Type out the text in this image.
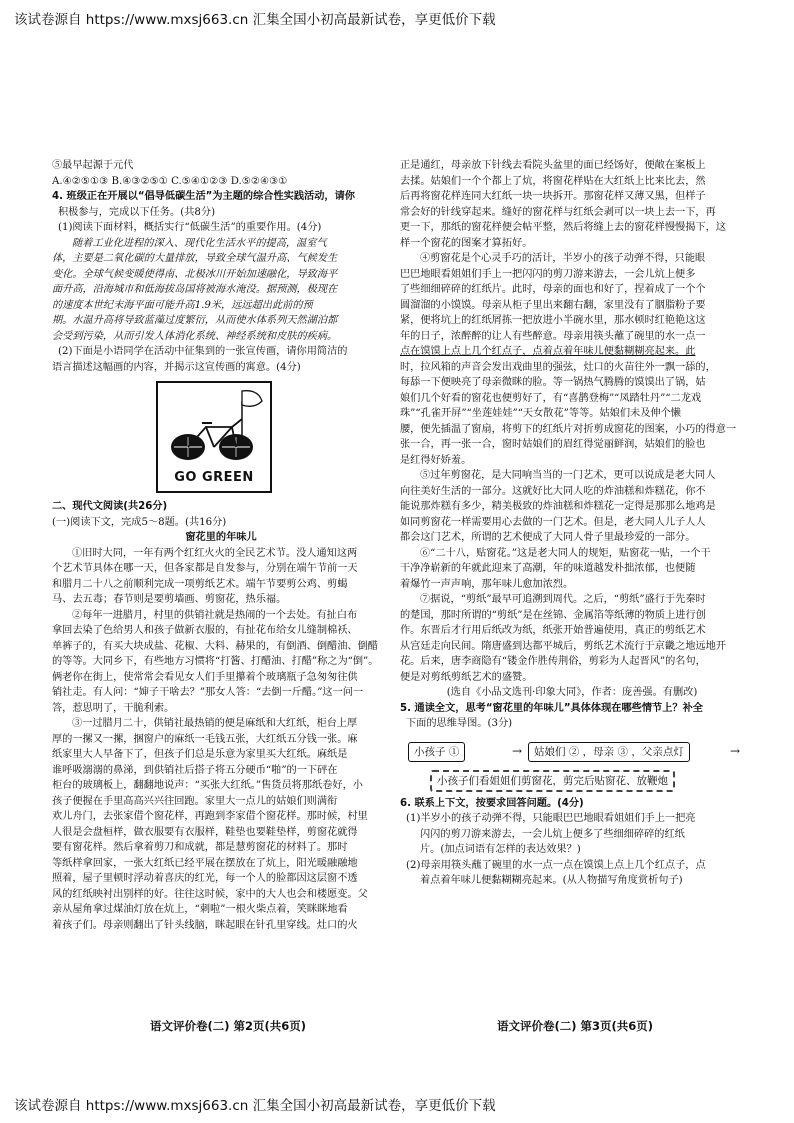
该试卷源自 https://www.mxsj663.cn 汇集全国小初高最新试卷，享更低价下载
⑤最早起源于元代
A.④②⑤①③ B.④③②⑤① C.⑤④①②③ D.⑤②④③①
4. 班级正在开展以“倡导低碳生活”为主题的综合性实践活动，请你
积极参与，完成以下任务。(共8分)
(1)阅读下面材料，概括实行“低碳生活”的重要作用。(4分)
随着工业化进程的深入、现代化生活水平的提高，温室气
体，主要是二氧化碳的大量排放，导致全球气温升高、气候发生
变化。全球气候变暖使得南、北极冰川开始加速融化，导致海平
面升高，沿海城市和低海拔岛国将被海水淹没。据预测，极现在
的速度本世纪末海平面可能升高1.9米，远远超出此前的预
期。水温升高将导致蓝藻过度繁衍，从而使水体系列天然湖泊都
会受到污染，从而引发人体消化系统、神经系统和皮肤的疾病。
(2)下面是小语同学在活动中征集到的一张宣传画，请你用简洁的
语言描述这幅画的内容，并揭示这宣传画的寓意。(4分)
GO GREEN
二、现代文阅读(共26分)
(一)阅读下文，完成5～8题。(共16分)
窗花里的年味儿
①旧时大同，一年有两个红红火火的全民艺术节。没人通知这两
个艺术节具体在哪一天，但各家都是自发参与，分别在端午节前一天
和腊月二十八之前顺利完成一项剪纸艺术。端午节要剪公鸡、剪蝎
马、去五毒；春节则是要剪墙画、剪窗花，热乐福。
②每年一进腊月，村里的供销社就是热闹的一个去处。有扯白布
拿回去染了色给男人和孩子做新衣服的，有扯花布给女儿缝制棉袄、
单裤子的，有买大块成盐、花椒、大料、赫果的，有倒酒、倒醋油、倒醋
的等等。大同乡下，有些地方习惯将“打酱、打醋油、打醋”称之为“倒”。
俩老你在街上，使常常会看见女人们手里攥着个玻璃瓶子急匆匆往供
销社走。有人问：“婶子干啥去？”那女人答：“去倒一斤醋。”这一问一
答，惹思明了，干脆利索。
③一过腊月二十，供销社最热销的便是麻纸和大红纸，柜台上厚
厚的一摞又一摞，捆窗户的麻纸一毛钱五张，大红纸五分钱一张。麻
纸家里大人早备下了，但孩子们总是乐意为家里买大红纸。麻纸是
谁呼吸溺溺的鼻涕，到供销社后搭子将五分硬币“啪”的一下砰在
柜台的玻璃板上，翻翻地说声：“买张大红纸。”售货员将那纸卷好，小
孩子便握在手里高高兴兴往回跑。家里大一点儿的姑娘们则满衔
欢儿舟门，去张家借个窗花样，再跑到李家借个窗花样。那时候，村里
人很是会盘桓样，做衣服要有衣服样，鞋垫也要鞋垫样，剪窗花就得
要有窗花样。然后拿着剪刀和成就，都是慧剪窗花的材料了。那时
等纸样拿回家，一张大红纸已经平展在摆放在了炕上，阳光暖融融地
照着，屋子里顿时浮动着喜庆的红光，每一个人的脸都因这层窗不透
风的红纸映衬出别样的好。往往这时候，家中的大人也会和楼愿变。父
亲从屋角拿过煤油灯放在炕上，“刺啦”一根火柴点着，笑眯眯地看
着孩子们。母亲则翻出了针头线脑，眯起眼在针孔里穿线。灶口的火
正是通红，母亲放下针线去看院头盆里的面已经饧好，便敞在案板上
去揉。姑娘们一个个都上了炕，将窗花样贴在大红纸上比来比去，然
后再将窗花样连同大红纸一块一块拆开。那窗花样又薄又黑，但样子
常会好的针线穿起来。缝好的窗花样与红纸会剥可以一块上去一下，再
更一下，那纸的窗花样便会帖平整，然后将缝上去的窗花样慢慢揭下，这
样一个窗花的图案才算拓好。
④剪窗花是个心灵手巧的活计，半岁小的孩子动弹不得，只能眼
巴巴地眼看姐姐们手上一把闪闪的剪刀游来游去，一会儿炕上便多
了些细细碎碎的红纸片。此时，母亲的面也和好了，捏着成了一个个
圆溜溜的小馍馍。母亲从柜子里出来翻右翻，家里没有了胭脂粉子要
紧，便将坑上的红纸屑拣一把放进小半碗水里，那水顿时红艳艳这这
年的日子，浓醉醉的让人有些醉意。母亲用筷头蘸了碗里的水一点一
点在馍馍上点上几个红点子，点着点着年味儿便黏糊糊亮起来。此
时，拉风箱的声音会发出戏曲里的强弦，灶口的火苗往外一飘一舔的，
每舔一下便映亮了母亲微眯的脸。等一锅热气腾腾的馍馍出了锅，姑
娘们几个好看的窗花也便剪好了，有“喜鹊登梅”“凤踏牡丹”“二龙戏
珠”“孔雀开屏”“坐莲娃娃”“天女散花”等等。姑娘们未及伸个懒
腰，便先插温了窗扇，将剪下的红纸片对折剪成窗花的图案，小巧的得意一
张一合，再一张一合，窗时姑娘们的眉红得觉丽鲜润，姑娘们的脸也
是红得好娇羞。
⑤过年剪窗花，是大同响当当的一门艺术，更可以说成是老大同人
向往美好生活的一部分。这就好比大同人吃的炸油糕和炸糕花，你不
能说那炸糕有多少，精美极致的炸油糕和炸糕花一定得是那那么地鸡是
如同剪窗花一样需要用心去做的一门艺术。但是，老大同人儿子人人
都会这门艺术，所谓的艺术便成了大同人骨子里最珍爱的一部分。
⑥“二十八，贴窗花。”这是老大同人的规矩，贴窗花一贴，一个干
干净净崭新的年就此迎来了高潮，年的味道越发朴拙浓郁，也便随
着爆竹一声声响，那年味儿愈加浓烈。
⑦据说，“剪纸”最早可追溯到周代。之后，“剪纸”盛行于先秦时
的楚国，那时所谓的“剪纸”是在丝锦、金属箔等纸薄的物质上进行创
作。东晋后才行用后纸改为纸，纸张开始普遍使用，真正的剪纸艺术
从宫廷走向民间。隋唐盛到达都平城后，剪纸艺术流行于京畿之地远地开
花。后来，唐李商隐有“镂金作胜传荆俗，剪彩为人起晋风”的名句，
便是对剪纸剪纸艺术的盛赞。
(选自《小品文选刊·印象大同》，作者：庞善强。有删改)
5. 通读全文，思考“窗花里的年味儿”具体体现在哪些情节上？补全
下面的思维导图。(3分)
小孩子 ①	→	姑娘们 ② ，母亲 ③ ，父亲点灯	→
小孩子们看姐姐们剪窗花，剪完后贴窗花、放鞭炮
6. 联系上下文，按要求回答问题。(4分)
(1)半岁小的孩子动弹不得，只能眼巴巴地眼看姐姐们手上一把亮
闪闪的剪刀游来游去，一会儿炕上便多了些细细碎碎的红纸
片。(加点词语有怎样的表达效果？)
(2)母亲用筷头蘸了碗里的水一点一点在馍馍上点上几个红点子，点
着点着年味儿便黏糊糊亮起来。(从人物描写角度赏析句子)
语文评价卷(二) 第2页(共6页)	语文评价卷(二) 第3页(共6页)
该试卷源自 https://www.mxsj663.cn 汇集全国小初高最新试卷，享更低价下载
